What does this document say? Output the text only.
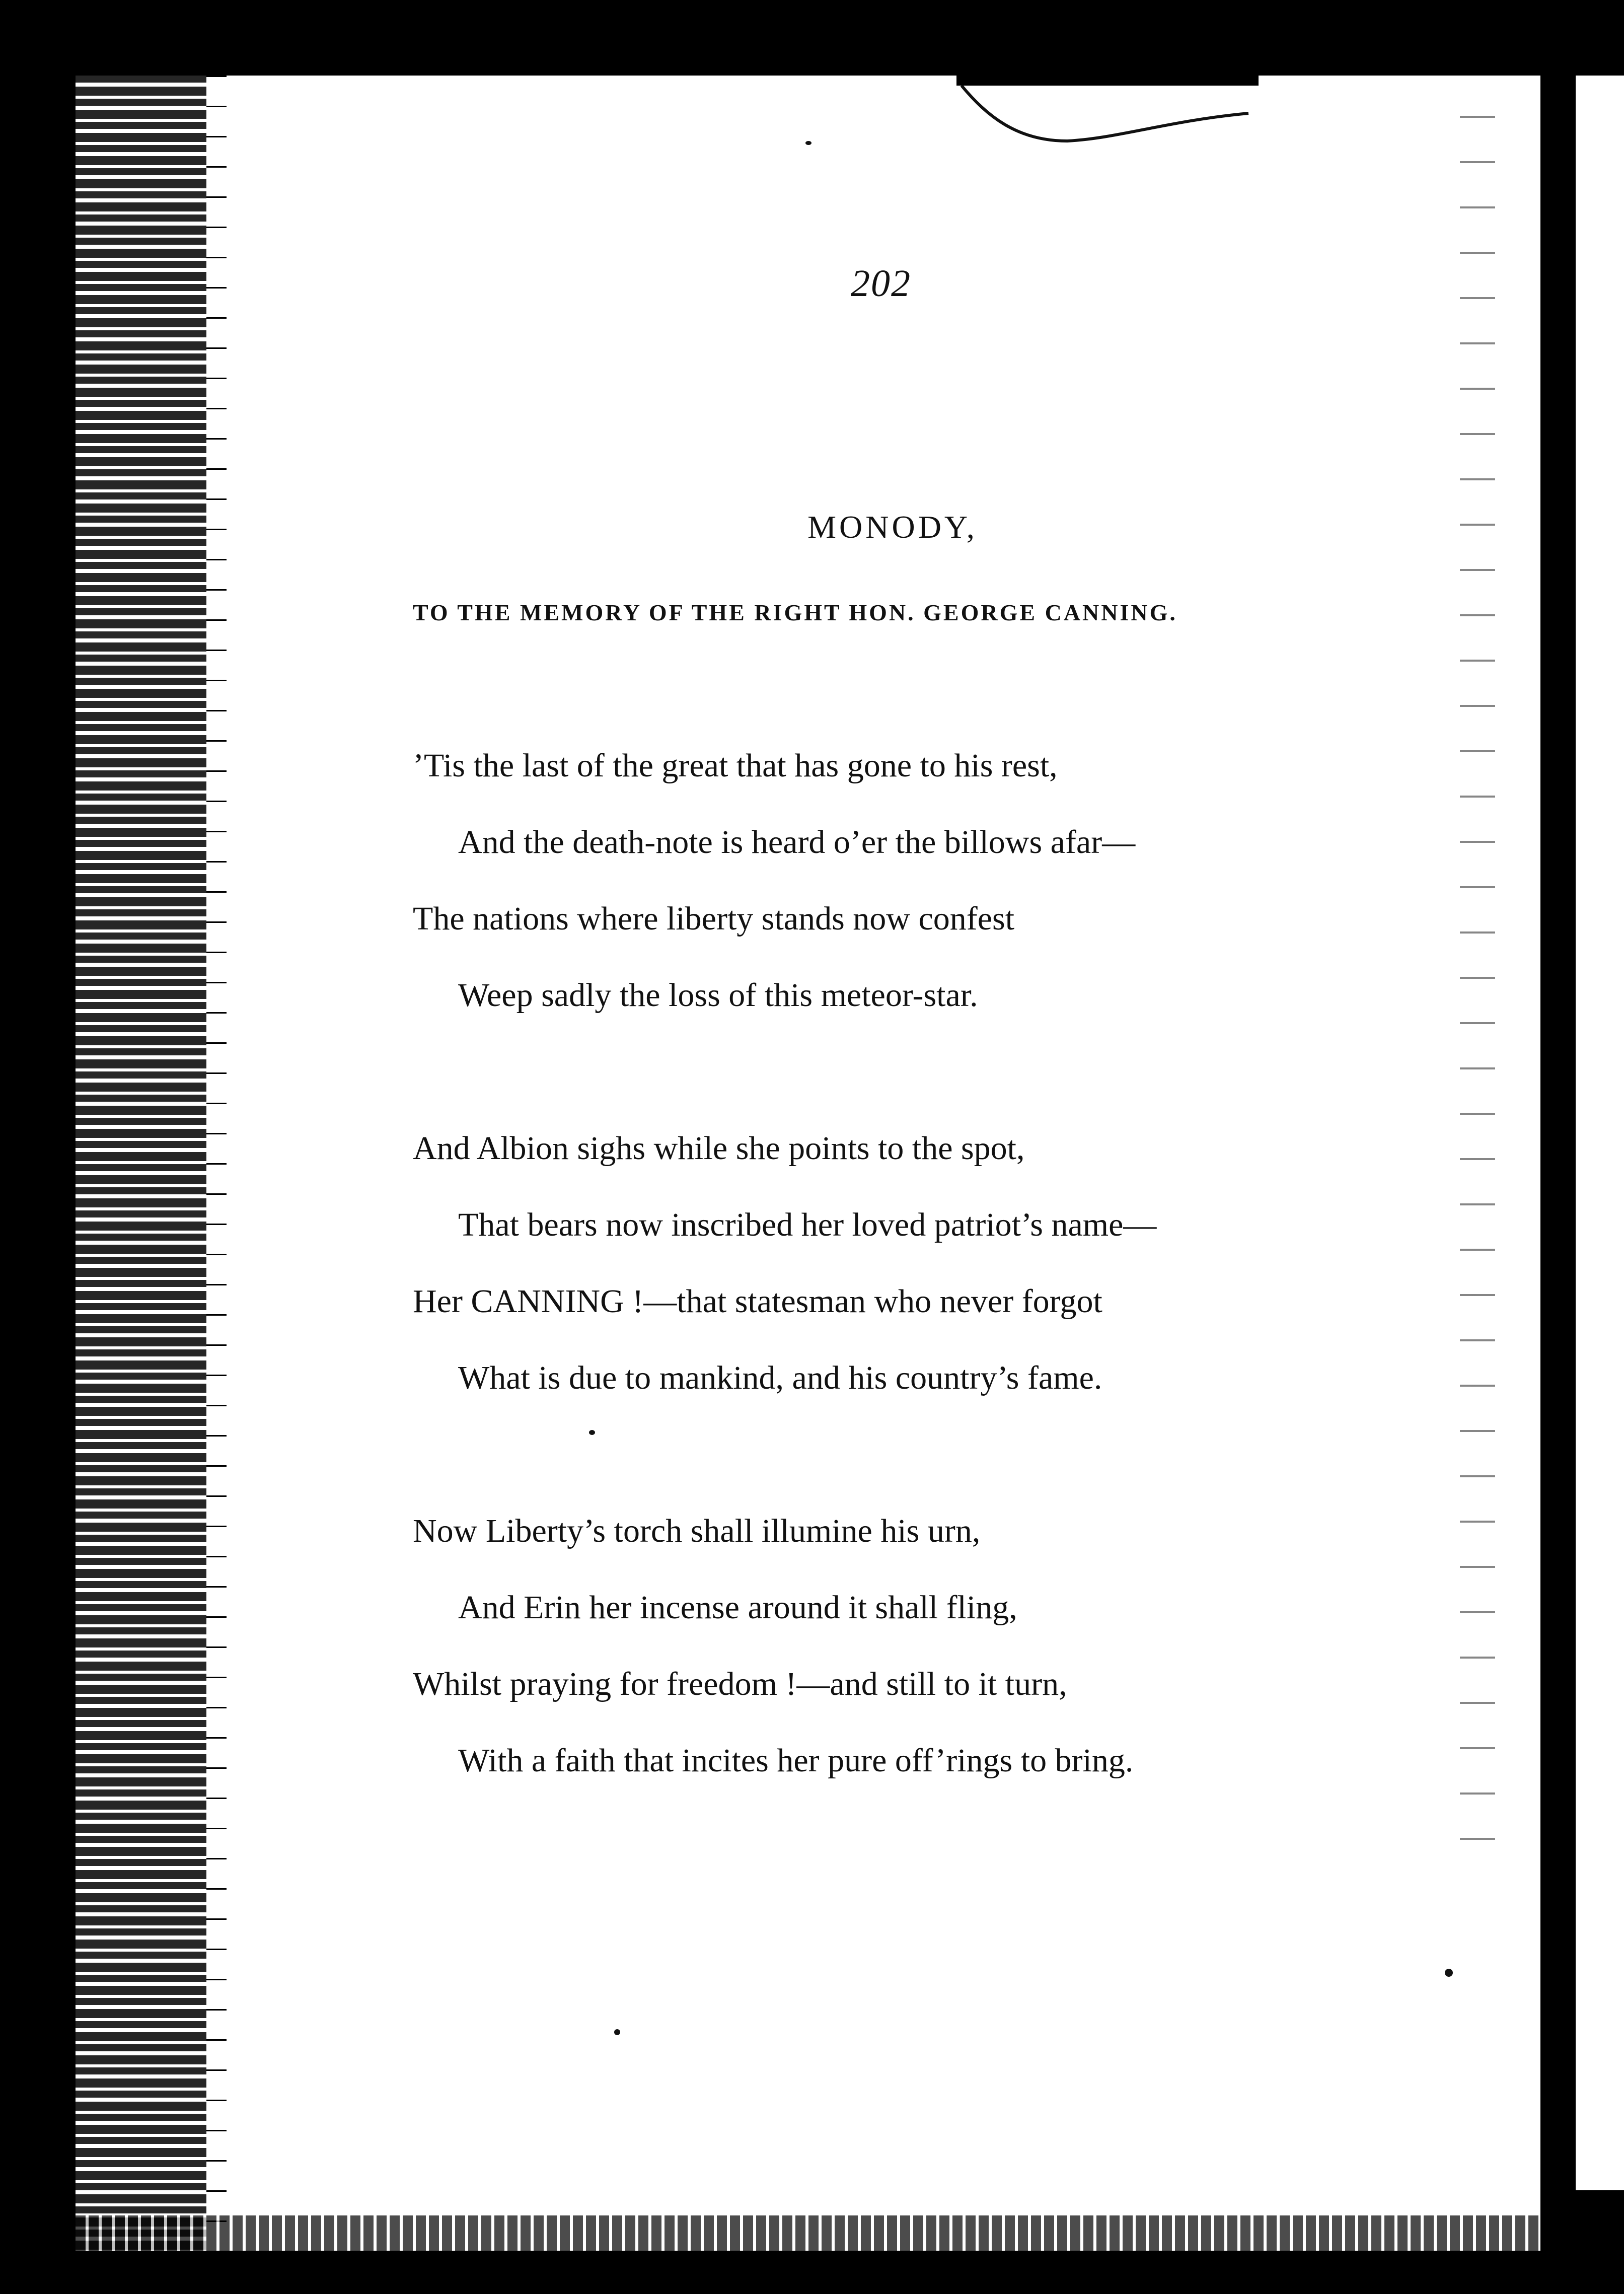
202
MONODY,
TO THE MEMORY OF THE RIGHT HON. GEORGE CANNING.
’Tis the last of the great that has gone to his rest,
And the death-note is heard o’er the billows afar—
The nations where liberty stands now confest
Weep sadly the loss of this meteor-star.
And Albion sighs while she points to the spot,
That bears now inscribed her loved patriot’s name—
Her CANNING !—that statesman who never forgot
What is due to mankind, and his country’s fame.
Now Liberty’s torch shall illumine his urn,
And Erin her incense around it shall fling,
Whilst praying for freedom !—and still to it turn,
With a faith that incites her pure off’rings to bring.
